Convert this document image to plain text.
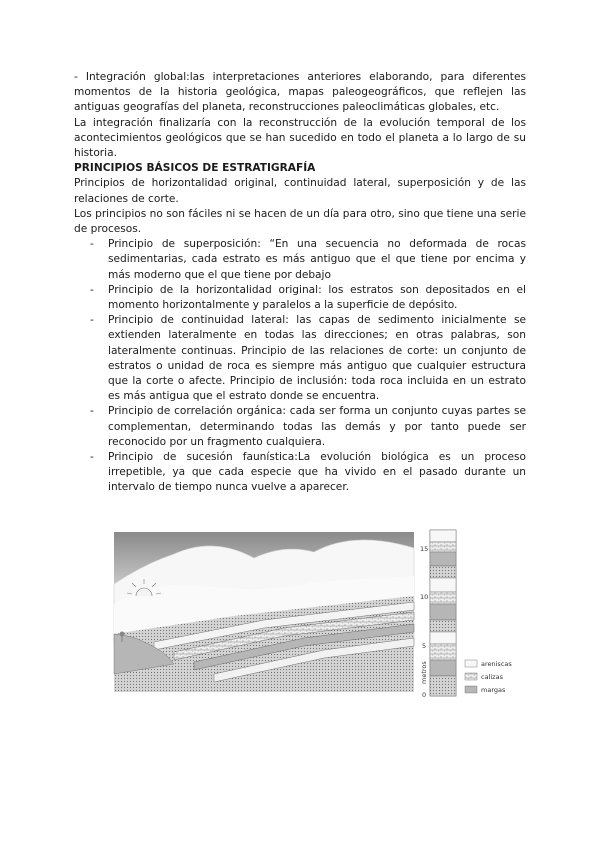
- Integración global:las interpretaciones anteriores elaborando, para diferentes momentos de la historia geológica, mapas paleogeográficos, que reflejen las antiguas geografías del planeta, reconstrucciones paleoclimáticas globales, etc.

La integración finalizaría con la reconstrucción de la evolución temporal de los acontecimientos geológicos que se han sucedido en todo el planeta a lo largo de su historia.

PRINCIPIOS BÁSICOS DE ESTRATIGRAFÍA

Principios de horizontalidad original, continuidad lateral, superposición y de las relaciones de corte.

Los principios no son fáciles ni se hacen de un día para otro, sino que tiene una serie de procesos.

- Principio de superposición: “En una secuencia no deformada de rocas sedimentarias, cada estrato es más antiguo que el que tiene por encima y más moderno que el que tiene por debajo
- Principio de la horizontalidad original: los estratos son depositados en el momento horizontalmente y paralelos a la superficie de depósito.
- Principio de continuidad lateral: las capas de sedimento inicialmente se extienden lateralmente en todas las direcciones; en otras palabras, son lateralmente continuas. Principio de las relaciones de corte: un conjunto de estratos o unidad de roca es siempre más antiguo que cualquier estructura que la corte o afecte. Principio de inclusión: toda roca incluida en un estrato es más antigua que el estrato donde se encuentra.
- Principio de correlación orgánica: cada ser forma un conjunto cuyas partes se complementan, determinando todas las demás y por tanto puede ser reconocido por un fragmento cualquiera.
- Principio de sucesión faunística:La evolución biológica es un proceso irrepetible, ya que cada especie que ha vivido en el pasado durante un intervalo de tiempo nunca vuelve a aparecer.
15
10
5
0
metros	areniscas
calizas
margas
